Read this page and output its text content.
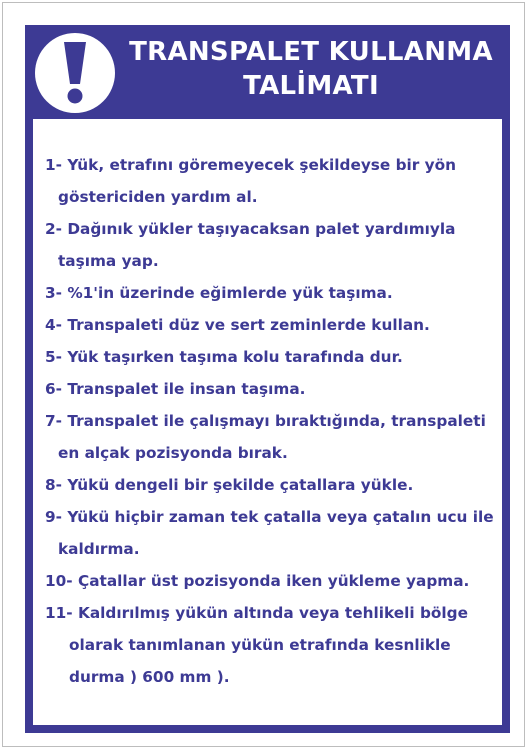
TRANSPALET KULLANMA
TALİMATI
1- Yük, etrafını göremeyecek şekildeyse bir yön
göstericiden yardım al.
2- Dağınık yükler taşıyacaksan palet yardımıyla
taşıma yap.
3- %1'in üzerinde eğimlerde yük taşıma.
4- Transpaleti düz ve sert zeminlerde kullan.
5- Yük taşırken taşıma kolu tarafında dur.
6- Transpalet ile insan taşıma.
7- Transpalet ile çalışmayı bıraktığında, transpaleti
en alçak pozisyonda bırak.
8- Yükü dengeli bir şekilde çatallara yükle.
9- Yükü hiçbir zaman tek çatalla veya çatalın ucu ile
kaldırma.
10- Çatallar üst pozisyonda iken yükleme yapma.
11- Kaldırılmış yükün altında veya tehlikeli bölge
olarak tanımlanan yükün etrafında kesnlikle
durma ) 600 mm ).
